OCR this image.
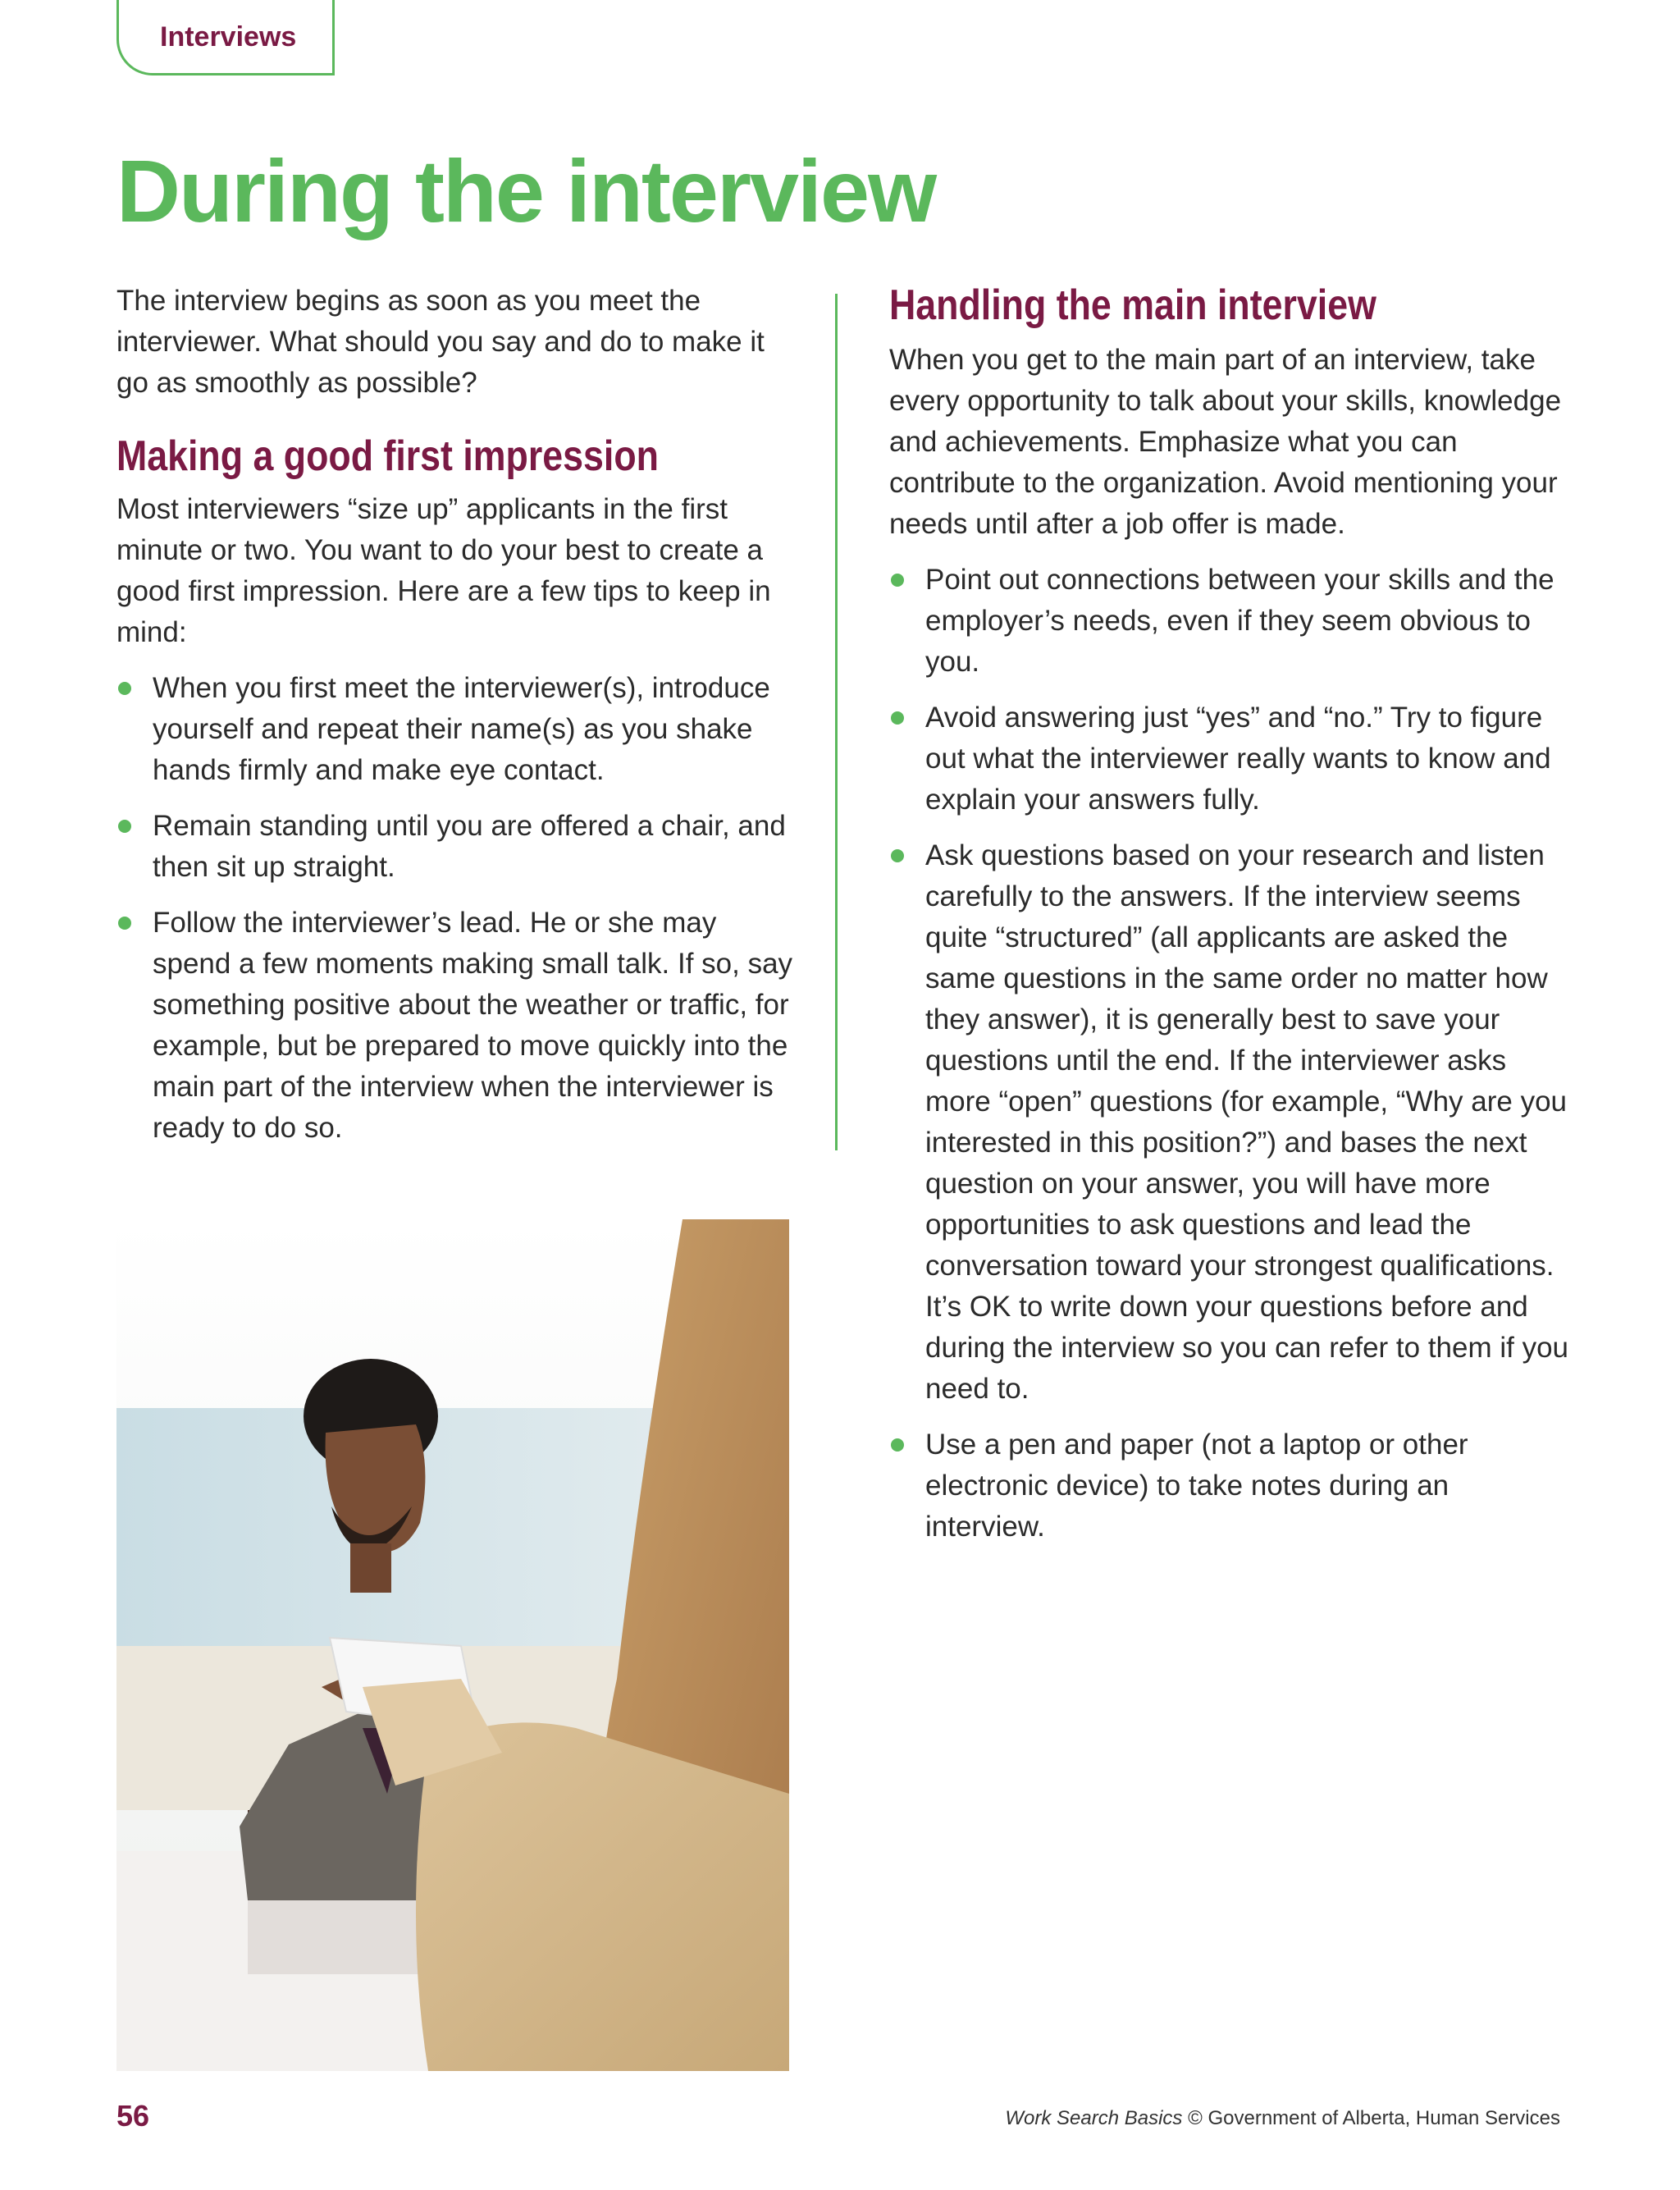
Interviews
During the interview

The interview begins as soon as you meet the interviewer. What should you say and do to make it go as smoothly as possible?

Making a good first impression

Most interviewers “size up” applicants in the first minute or two. You want to do your best to create a good first impression. Here are a few tips to keep in mind:

When you first meet the interviewer(s), introduce yourself and repeat their name(s) as you shake hands firmly and make eye contact.
Remain standing until you are offered a chair, and then sit up straight.
Follow the interviewer’s lead. He or she may spend a few moments making small talk. If so, say something positive about the weather or traffic, for example, but be prepared to move quickly into the main part of the interview when the interviewer is ready to do so.
Handling the main interview

When you get to the main part of an interview, take every opportunity to talk about your skills, knowledge and achievements. Emphasize what you can contribute to the organization. Avoid mentioning your needs until after a job offer is made.

Point out connections between your skills and the employer’s needs, even if they seem obvious to you.
Avoid answering just “yes” and “no.” Try to figure out what the interviewer really wants to know and explain your answers fully.
Ask questions based on your research and listen carefully to the answers. If the interview seems quite “structured” (all applicants are asked the same questions in the same order no matter how they answer), it is generally best to save your questions until the end. If the interviewer asks more “open” questions (for example, “Why are you interested in this position?”) and bases the next question on your answer, you will have more opportunities to ask questions and lead the conversation toward your strongest qualifications. It’s OK to write down your questions before and during the interview so you can refer to them if you need to.
Use a pen and paper (not a laptop or other electronic device) to take notes during an interview.
56	Work Search Basics © Government of Alberta, Human Services
